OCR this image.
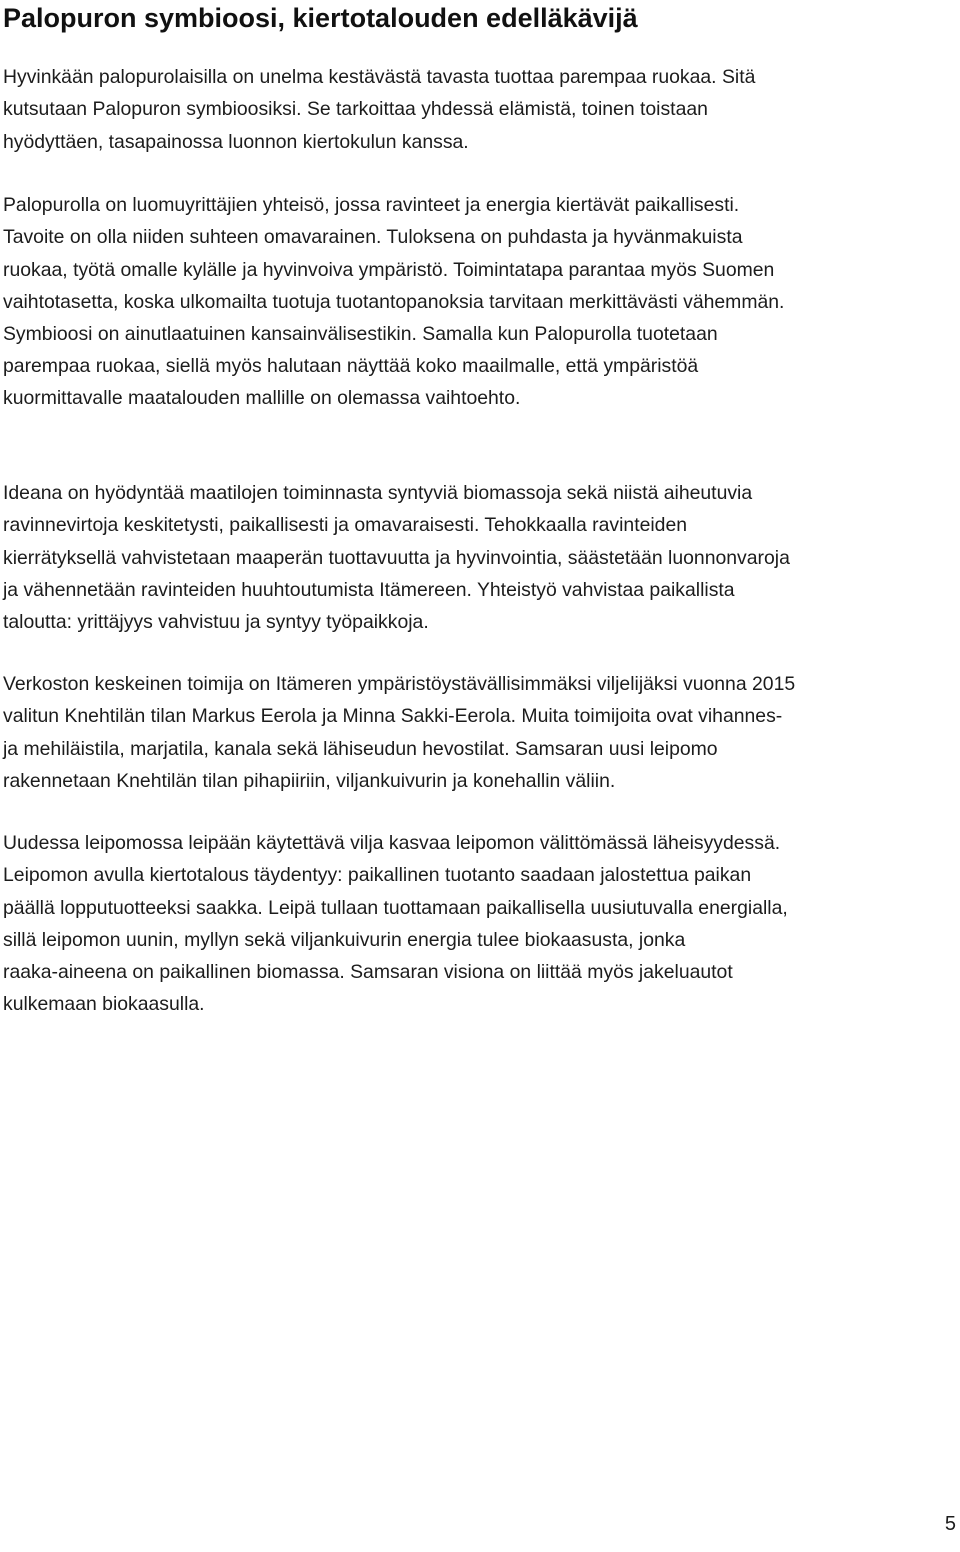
Palopuron symbioosi, kiertotalouden edelläkävijä

Hyvinkään palopurolaisilla on unelma kestävästä tavasta tuottaa parempaa ruokaa. Sitä
kutsutaan Palopuron symbioosiksi. Se tarkoittaa yhdessä elämistä, toinen toistaan
hyödyttäen, tasapainossa luonnon kiertokulun kanssa.

Palopurolla on luomuyrittäjien yhteisö, jossa ravinteet ja energia kiertävät paikallisesti.
Tavoite on olla niiden suhteen omavarainen. Tuloksena on puhdasta ja hyvänmakuista
ruokaa, työtä omalle kylälle ja hyvinvoiva ympäristö. Toimintatapa parantaa myös Suomen
vaihtotasetta, koska ulkomailta tuotuja tuotantopanoksia tarvitaan merkittävästi vähemmän.
Symbioosi on ainutlaatuinen kansainvälisestikin. Samalla kun Palopurolla tuotetaan

parempaa ruokaa, siellä myös halutaan näyttää koko maailmalle, että ympäristöä
kuormittavalle maatalouden mallille on olemassa vaihtoehto.

Ideana on hyödyntää maatilojen toiminnasta syntyviä biomassoja sekä niistä aiheutuvia
ravinnevirtoja keskitetysti, paikallisesti ja omavaraisesti. Tehokkaalla ravinteiden
kierrätyksellä vahvistetaan maaperän tuottavuutta ja hyvinvointia, säästetään luonnonvaroja
ja vähennetään ravinteiden huuhtoutumista Itämereen. Yhteistyö vahvistaa paikallista
taloutta: yrittäjyys vahvistuu ja syntyy työpaikkoja.

Verkoston keskeinen toimija on Itämeren ympäristöystävällisimmäksi viljelijäksi vuonna 2015
valitun Knehtilän tilan Markus Eerola ja Minna Sakki-Eerola. Muita toimijoita ovat vihannes-
ja mehiläistila, marjatila, kanala sekä lähiseudun hevostilat. Samsaran uusi leipomo
rakennetaan Knehtilän tilan pihapiiriin, viljankuivurin ja konehallin väliin.

Uudessa leipomossa leipään käytettävä vilja kasvaa leipomon välittömässä läheisyydessä.
Leipomon avulla kiertotalous täydentyy: paikallinen tuotanto saadaan jalostettua paikan
päällä lopputuotteeksi saakka. Leipä tullaan tuottamaan paikallisella uusiutuvalla energialla,
sillä leipomon uunin, myllyn sekä viljankuivurin energia tulee biokaasusta, jonka
raaka-aineena on paikallinen biomassa. Samsaran visiona on liittää myös jakeluautot
kulkemaan biokaasulla.

5
